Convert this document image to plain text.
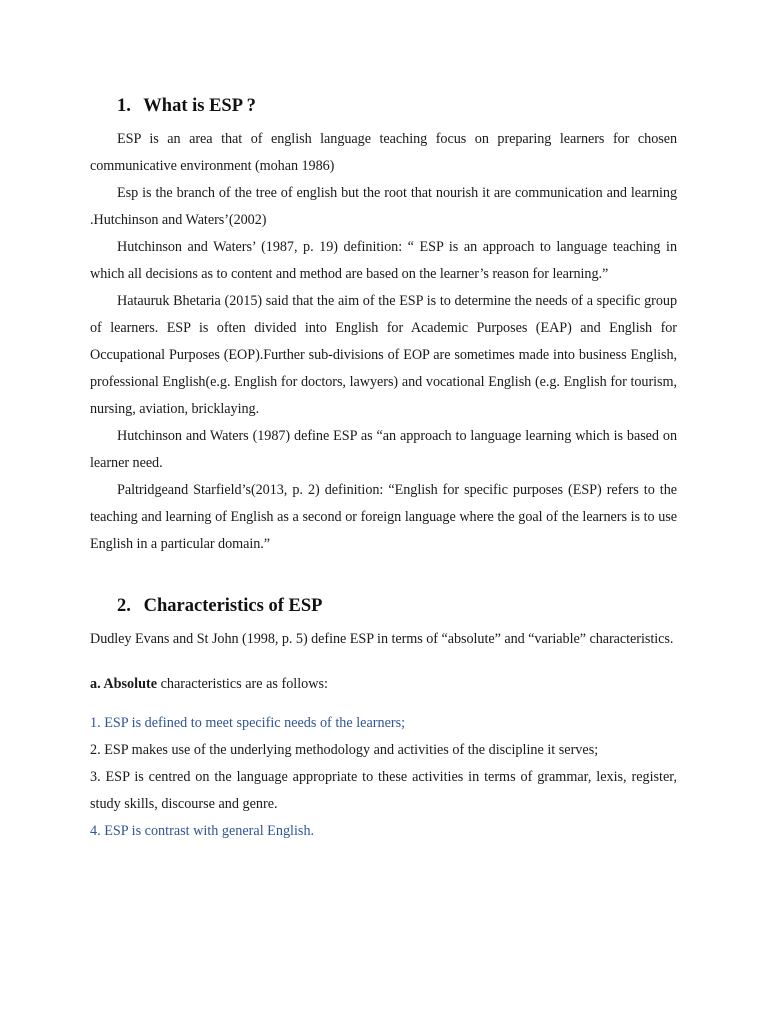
1. What is ESP ?

ESP is an area that of english language teaching focus on preparing learners for chosen communicative environment (mohan 1986)

Esp is the branch of the tree of english but the root that nourish it are communication and learning .Hutchinson and Waters’(2002)

Hutchinson and Waters’ (1987, p. 19) definition: “ ESP is an approach to language teaching in which all decisions as to content and method are based on the learner’s reason for learning.”

Hatauruk Bhetaria (2015) said that the aim of the ESP is to determine the needs of a specific group of learners. ESP is often divided into English for Academic Purposes (EAP) and English for Occupational Purposes (EOP).Further sub-divisions of EOP are sometimes made into business English, professional English(e.g. English for doctors, lawyers) and vocational English (e.g. English for tourism, nursing, aviation, bricklaying.

Hutchinson and Waters (1987) define ESP as “an approach to language learning which is based on learner need.

Paltridgeand Starfield’s(2013, p. 2) definition: “English for specific purposes (ESP) refers to the teaching and learning of English as a second or foreign language where the goal of the learners is to use English in a particular domain.”

2. Characteristics of ESP

Dudley Evans and St John (1998, p. 5) define ESP in terms of “absolute” and “variable” characteristics.

a. Absolute characteristics are as follows:

1. ESP is defined to meet specific needs of the learners;
2. ESP makes use of the underlying methodology and activities of the discipline it serves;
3. ESP is centred on the language appropriate to these activities in terms of grammar, lexis, register, study skills, discourse and genre.
4. ESP is contrast with general English.
